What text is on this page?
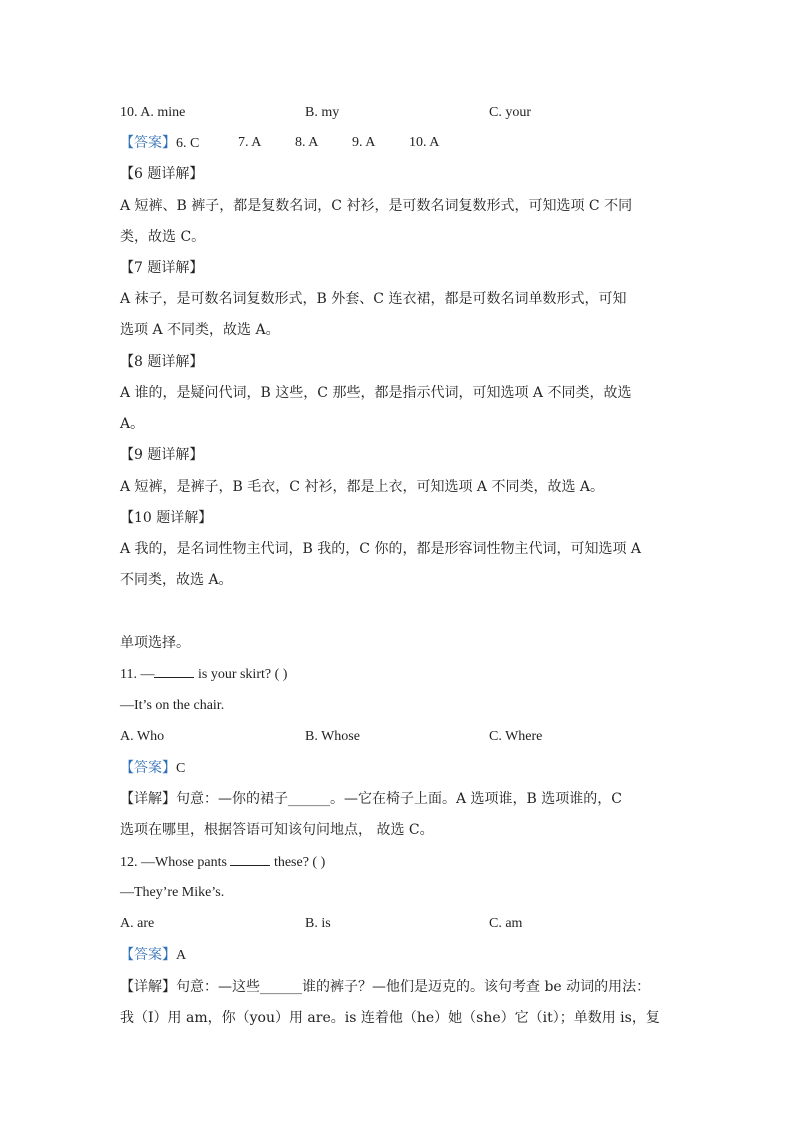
10. A. mine	B. my	C. your
【答案】6. C	7. A 8. A 9. A 10. A
【6 题详解】
A 短裤、B 裤子，都是复数名词，C 衬衫，是可数名词复数形式，可知选项 C 不同
类，故选 C。
【7 题详解】
A 袜子，是可数名词复数形式，B 外套、C 连衣裙，都是可数名词单数形式，可知
选项 A 不同类，故选 A。
【8 题详解】
A 谁的，是疑问代词，B 这些，C 那些，都是指示代词，可知选项 A 不同类，故选
A。
【9 题详解】
A 短裤，是裤子，B 毛衣，C 衬衫，都是上衣，可知选项 A 不同类，故选 A。
【10 题详解】
A 我的，是名词性物主代词，B 我的，C 你的，都是形容词性物主代词，可知选项 A
不同类，故选 A。
单项选择。
11. —	is your skirt? ( )
—It’s on the chair.
A. Who	B. Whose	C. Where
【答案】C
【详解】句意：—你的裙子______。—它在椅子上面。A 选项谁，B 选项谁的，C
选项在哪里，根据答语可知该句问地点， 故选 C。
12. —Whose pants	these? ( )
—They’re Mike’s.
A. are	B. is	C. am
【答案】A
【详解】句意：—这些______谁的裤子？—他们是迈克的。该句考查 be 动词的用法：
我（I）用 am，你（you）用 are。is 连着他（he）她（she）它（it）；单数用 is，复
